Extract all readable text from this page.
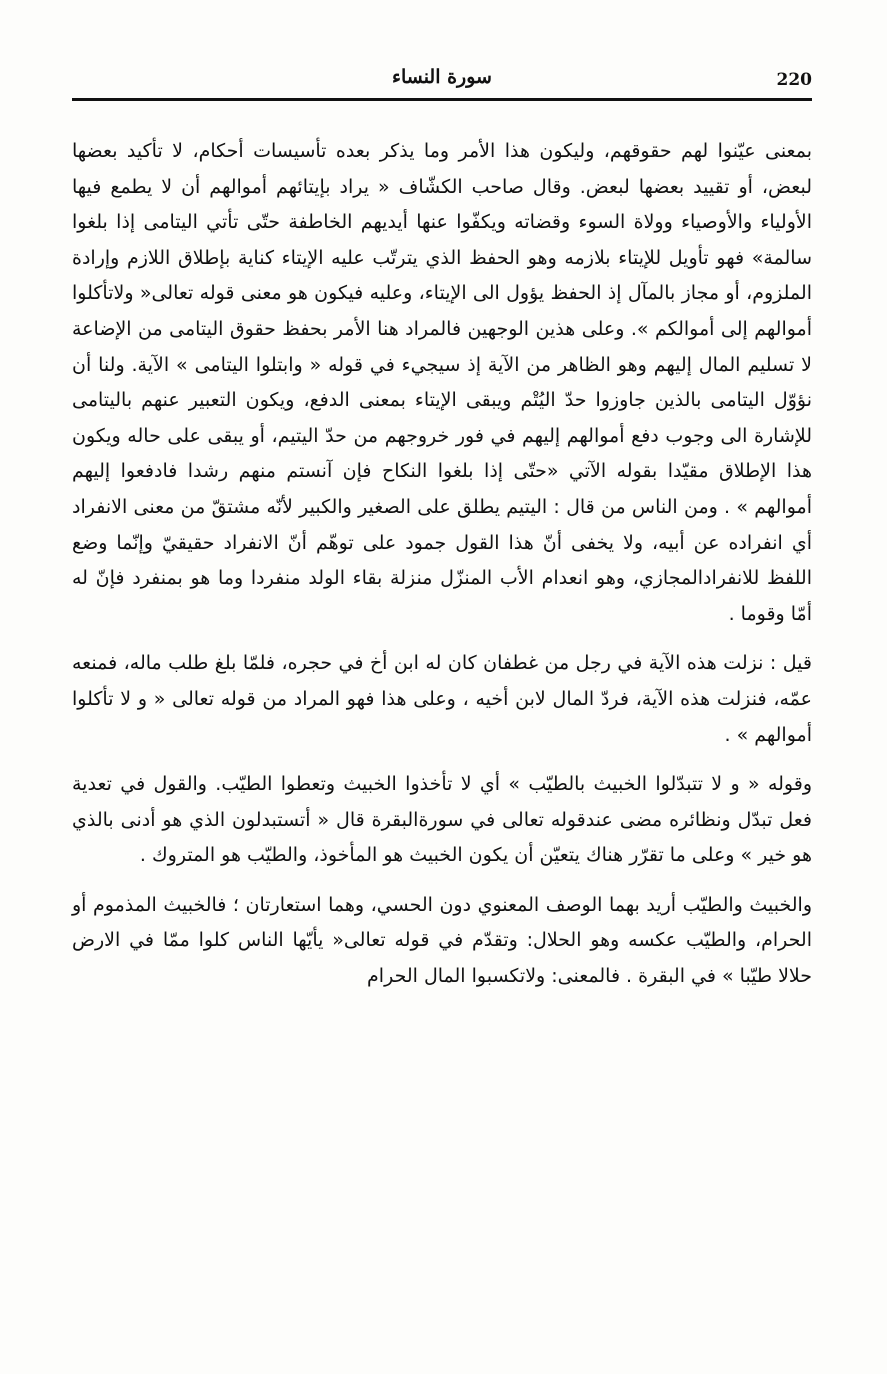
220
سورة النساء

بمعنى عيّنوا لهم حقوقهم، وليكون هذا الأمر وما يذكر بعده تأسيسات أحكام، لا تأكيد بعضها لبعض، أو تقييد بعضها لبعض. وقال صاحب الكشّاف « يراد بإيتائهم أموالهم أن لا يطمع فيها الأولياء والأوصياء وولاة السوء وقضاته ويكفّوا عنها أيديهم الخاطفة حتّى تأتي اليتامى إذا بلغوا سالمة» فهو تأويل للإيتاء بلازمه وهو الحفظ الذي يترتّب عليه الإيتاء كناية بإطلاق اللازم وإرادة الملزوم، أو مجاز بالمآل إذ الحفظ يؤول الى الإيتاء، وعليه فيكون هو معنى قوله تعالى« ولاتأكلوا أموالهم إلى أموالكم ». وعلى هذين الوجهين فالمراد هنا الأمر بحفظ حقوق اليتامى من الإضاعة لا تسليم المال إليهم وهو الظاهر من الآية إذ سيجيء في قوله « وابتلوا اليتامى » الآية. ولنا أن نؤوّل اليتامى بالذين جاوزوا حدّ اليُتْم ويبقى الإيتاء بمعنى الدفع، ويكون التعبير عنهم باليتامى للإشارة الى وجوب دفع أموالهم إليهم في فور خروجهم من حدّ اليتيم، أو يبقى على حاله ويكون هذا الإطلاق مقيّدا بقوله الآتي «حتّى إذا بلغوا النكاح فإن آنستم منهم رشدا فادفعوا إليهم أموالهم » . ومن الناس من قال : اليتيم يطلق على الصغير والكبير لأنّه مشتقّ من معنى الانفراد أي انفراده عن أبيه، ولا يخفى أنّ هذا القول جمود على توهّم أنّ الانفراد حقيقيّ وإنّما وضع اللفظ للانفرادالمجازي، وهو انعدام الأب المنزّل منزلة بقاء الولد منفردا وما هو بمنفرد فإنّ له أمّا وقوما .

قيل : نزلت هذه الآية في رجل من غطفان كان له ابن أخ في حجره، فلمّا بلغ طلب ماله، فمنعه عمّه، فنزلت هذه الآية، فردّ المال لابن أخيه ، وعلى هذا فهو المراد من قوله تعالى « و لا تأكلوا أموالهم » .

وقوله « و لا تتبدّلوا الخبيث بالطيّب » أي لا تأخذوا الخبيث وتعطوا الطيّب. والقول في تعدية فعل تبدّل ونظائره مضى عندقوله تعالى في سورةالبقرة قال « أتستبدلون الذي هو أدنى بالذي هو خير » وعلى ما تقرّر هناك يتعيّن أن يكون الخبيث هو المأخوذ، والطيّب هو المتروك .

والخبيث والطيّب أريد بهما الوصف المعنوي دون الحسي، وهما استعارتان ؛ فالخبيث المذموم أو الحرام، والطيّب عكسه وهو الحلال: وتقدّم في قوله تعالى« يأيّها الناس كلوا ممّا في الارض حلالا طيّبا » في البقرة . فالمعنى: ولاتكسبوا المال الحرام
